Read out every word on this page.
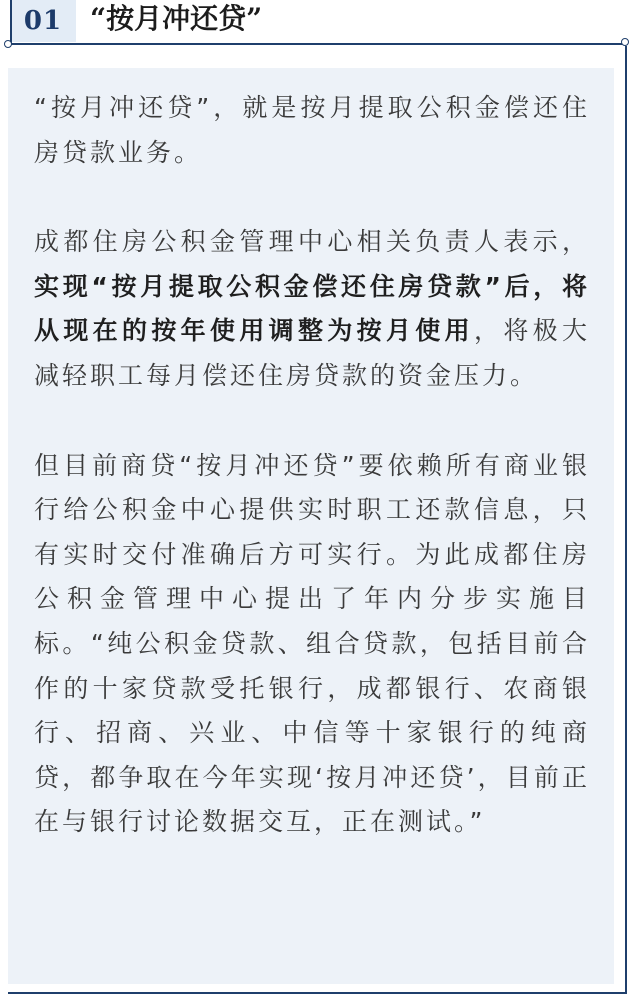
01 “按月冲还贷”

“按月冲还贷”，就是按月提取公积金偿还住房贷款业务。

成都住房公积金管理中心相关负责人表示，实现“按月提取公积金偿还住房贷款”后，将从现在的按年使用调整为按月使用，将极大减轻职工每月偿还住房贷款的资金压力。

但目前商贷“按月冲还贷”要依赖所有商业银行给公积金中心提供实时职工还款信息，只有实时交付准确后方可实行。为此成都住房公积金管理中心提出了年内分步实施目标。“纯公积金贷款、组合贷款，包括目前合作的十家贷款受托银行，成都银行、农商银行、招商、兴业、中信等十家银行的纯商贷，都争取在今年实现‘按月冲还贷’，目前正在与银行讨论数据交互，正在测试。”
